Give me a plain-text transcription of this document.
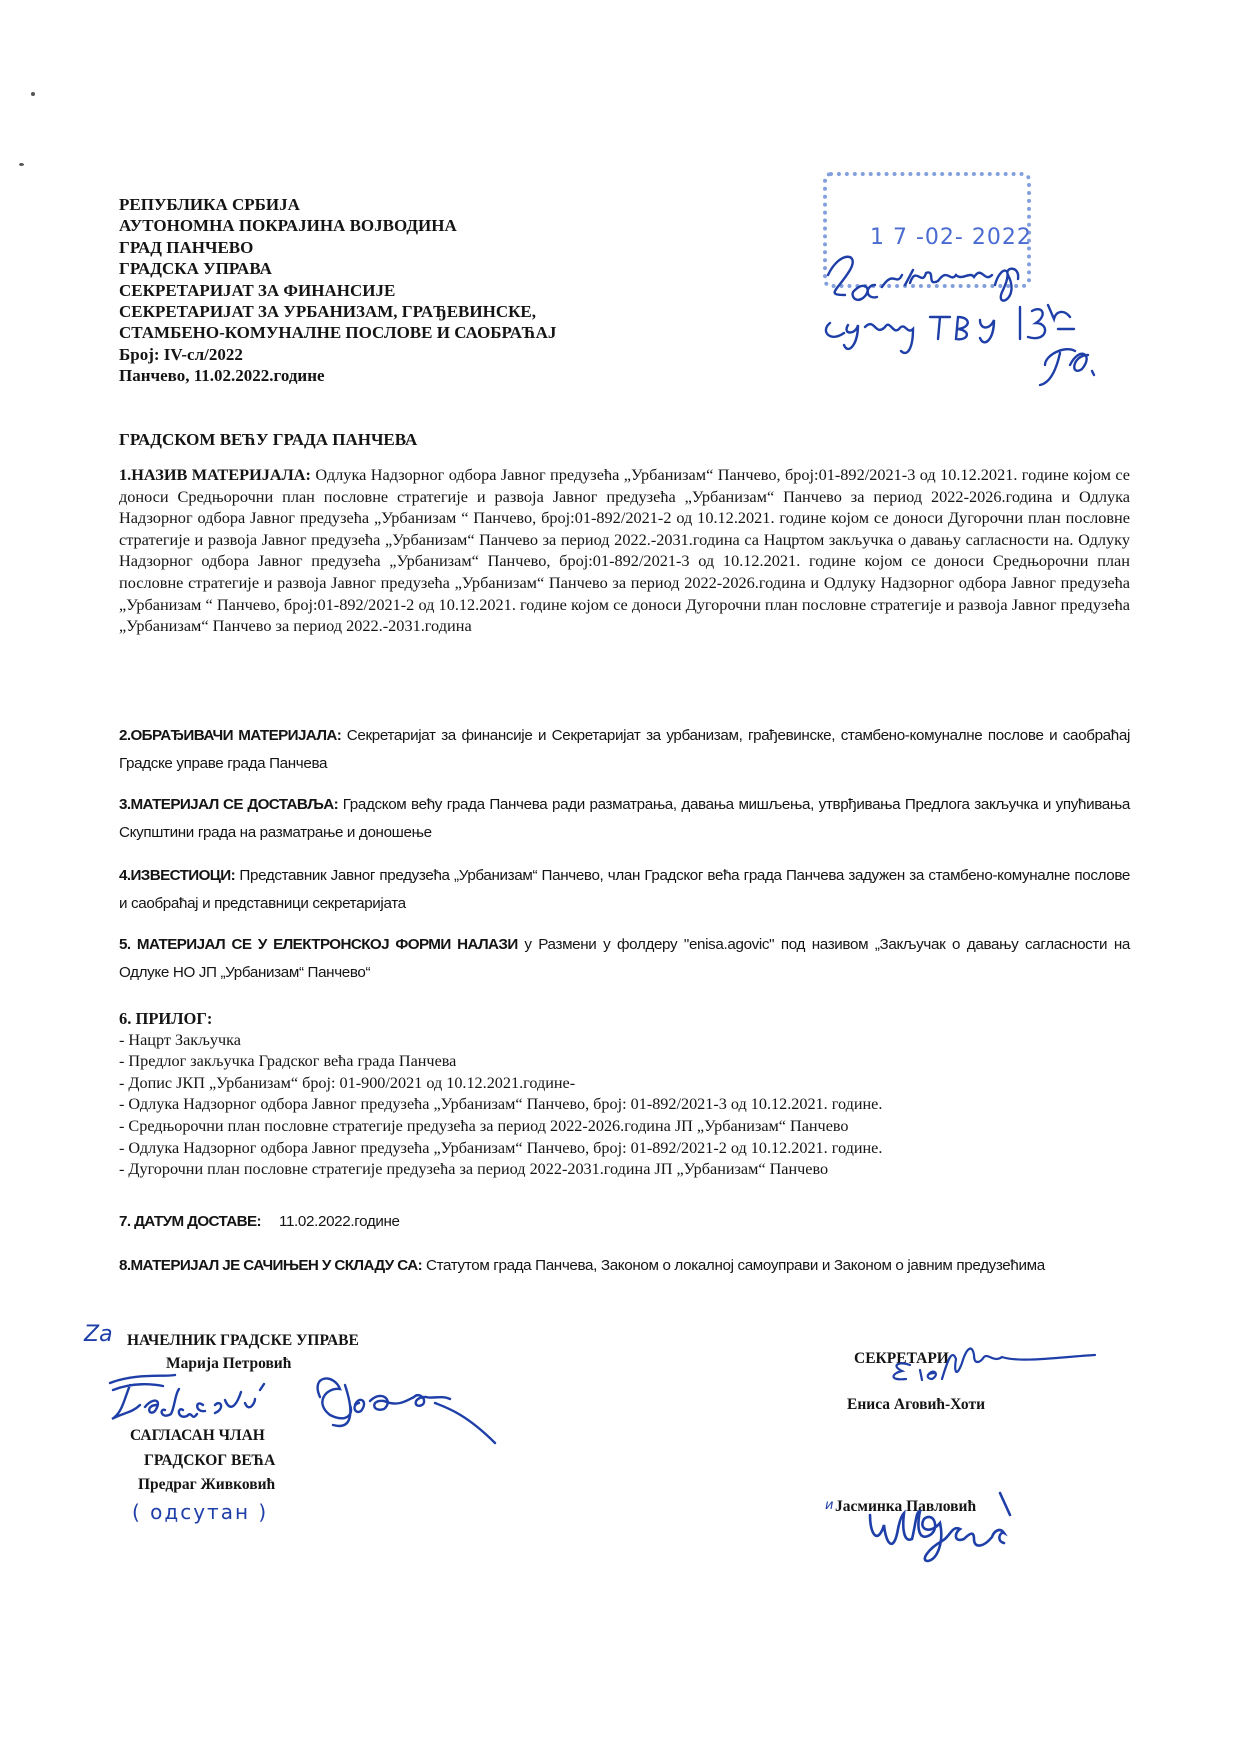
РЕПУБЛИКА СРБИЈА
АУТОНОМНА ПОКРАЈИНА ВОЈВОДИНА
ГРАД ПАНЧЕВО
ГРАДСКА УПРАВА
СЕКРЕТАРИЈАТ ЗА ФИНАНСИЈЕ
СЕКРЕТАРИЈАТ ЗА УРБАНИЗАМ, ГРАЂЕВИНСКЕ,
СТАМБЕНО-КОМУНАЛНЕ ПОСЛОВЕ И САОБРАЋАЈ
Број: IV-сл/2022
Панчево, 11.02.2022.године
1 7 -02- 2022
ГРАДСКОМ ВЕЋУ ГРАДА ПАНЧЕВА
1.НАЗИВ МАТЕРИЈАЛА: Одлука Надзорног одбора Јавног предузећа „Урбанизам“ Панчево, број:01-892/2021-3 од 10.12.2021. године којом се доноси Средњорочни план пословне стратегије и развоја Јавног предузећа „Урбанизам“ Панчево за период 2022-2026.година и Одлука Надзорног одбора Јавног предузећа „Урбанизам “ Панчево, број:01-892/2021-2 од 10.12.2021. године којом се доноси Дугорочни план пословне стратегије и развоја Јавног предузећа „Урбанизам“ Панчево за период 2022.-2031.година са Нацртом закључка о давању сагласности на. Одлуку Надзорног одбора Јавног предузећа „Урбанизам“ Панчево, број:01-892/2021-3 од 10.12.2021. године којом се доноси Средњорочни план пословне стратегије и развоја Јавног предузећа „Урбанизам“ Панчево за период 2022-2026.година и Одлуку Надзорног одбора Јавног предузећа „Урбанизам “ Панчево, број:01-892/2021-2 од 10.12.2021. године којом се доноси Дугорочни план пословне стратегије и развоја Јавног предузећа „Урбанизам“ Панчево за период 2022.-2031.година
2.ОБРАЂИВАЧИ МАТЕРИЈАЛА: Секретаријат за финансије и Секретаријат за урбанизам, грађевинске, стамбено-комуналне послове и саобраћај Градске управе града Панчева
3.МАТЕРИЈАЛ СЕ ДОСТАВЉА: Градском већу града Панчева ради разматрања, давања мишљења, утврђивања Предлога закључка и упућивања Скупштини града на разматрање и доношење
4.ИЗВЕСТИОЦИ: Представник Јавног предузећа „Урбанизам“ Панчево, члан Градског већа града Панчева задужен за стамбено-комуналне послове и саобраћај и представници секретаријата
5. МАТЕРИЈАЛ СЕ У ЕЛЕКТРОНСКОЈ ФОРМИ НАЛАЗИ у Размени у фолдеру "enisa.agovic" под називом „Закључак о давању сагласности на Одлуке НО ЈП „Урбанизам“ Панчево“
6. ПРИЛОГ:
- Нацрт Закључка
- Предлог закључка Градског већа града Панчева
- Допис ЈКП „Урбанизам“ број: 01-900/2021 од 10.12.2021.године-
- Одлука Надзорног одбора Јавног предузећа „Урбанизам“ Панчево, број: 01-892/2021-3 од 10.12.2021. године.
- Средњорочни план пословне стратегије предузећа за период 2022-2026.година ЈП „Урбанизам“ Панчево
- Одлука Надзорног одбора Јавног предузећа „Урбанизам“ Панчево, број: 01-892/2021-2 од 10.12.2021. године.
- Дугорочни план пословне стратегије предузећа за период 2022-2031.година ЈП „Урбанизам“ Панчево
7. ДАТУМ ДОСТАВЕ: 11.02.2022.године
8.МАТЕРИЈАЛ ЈЕ САЧИЊЕН У СКЛАДУ СА: Статутом града Панчева, Законом о локалној самоуправи и Законом о јавним предузећима
Za НАЧЕЛНИК ГРАДСКЕ УПРАВЕ
Марија Петровић
САГЛАСАН ЧЛАН
ГРАДСКОГ ВЕЋА
Предраг Живковић
( одсутан )
СЕКРЕТАРИ
Ениса Аговић-Хоти
и Јасминка Павловић
